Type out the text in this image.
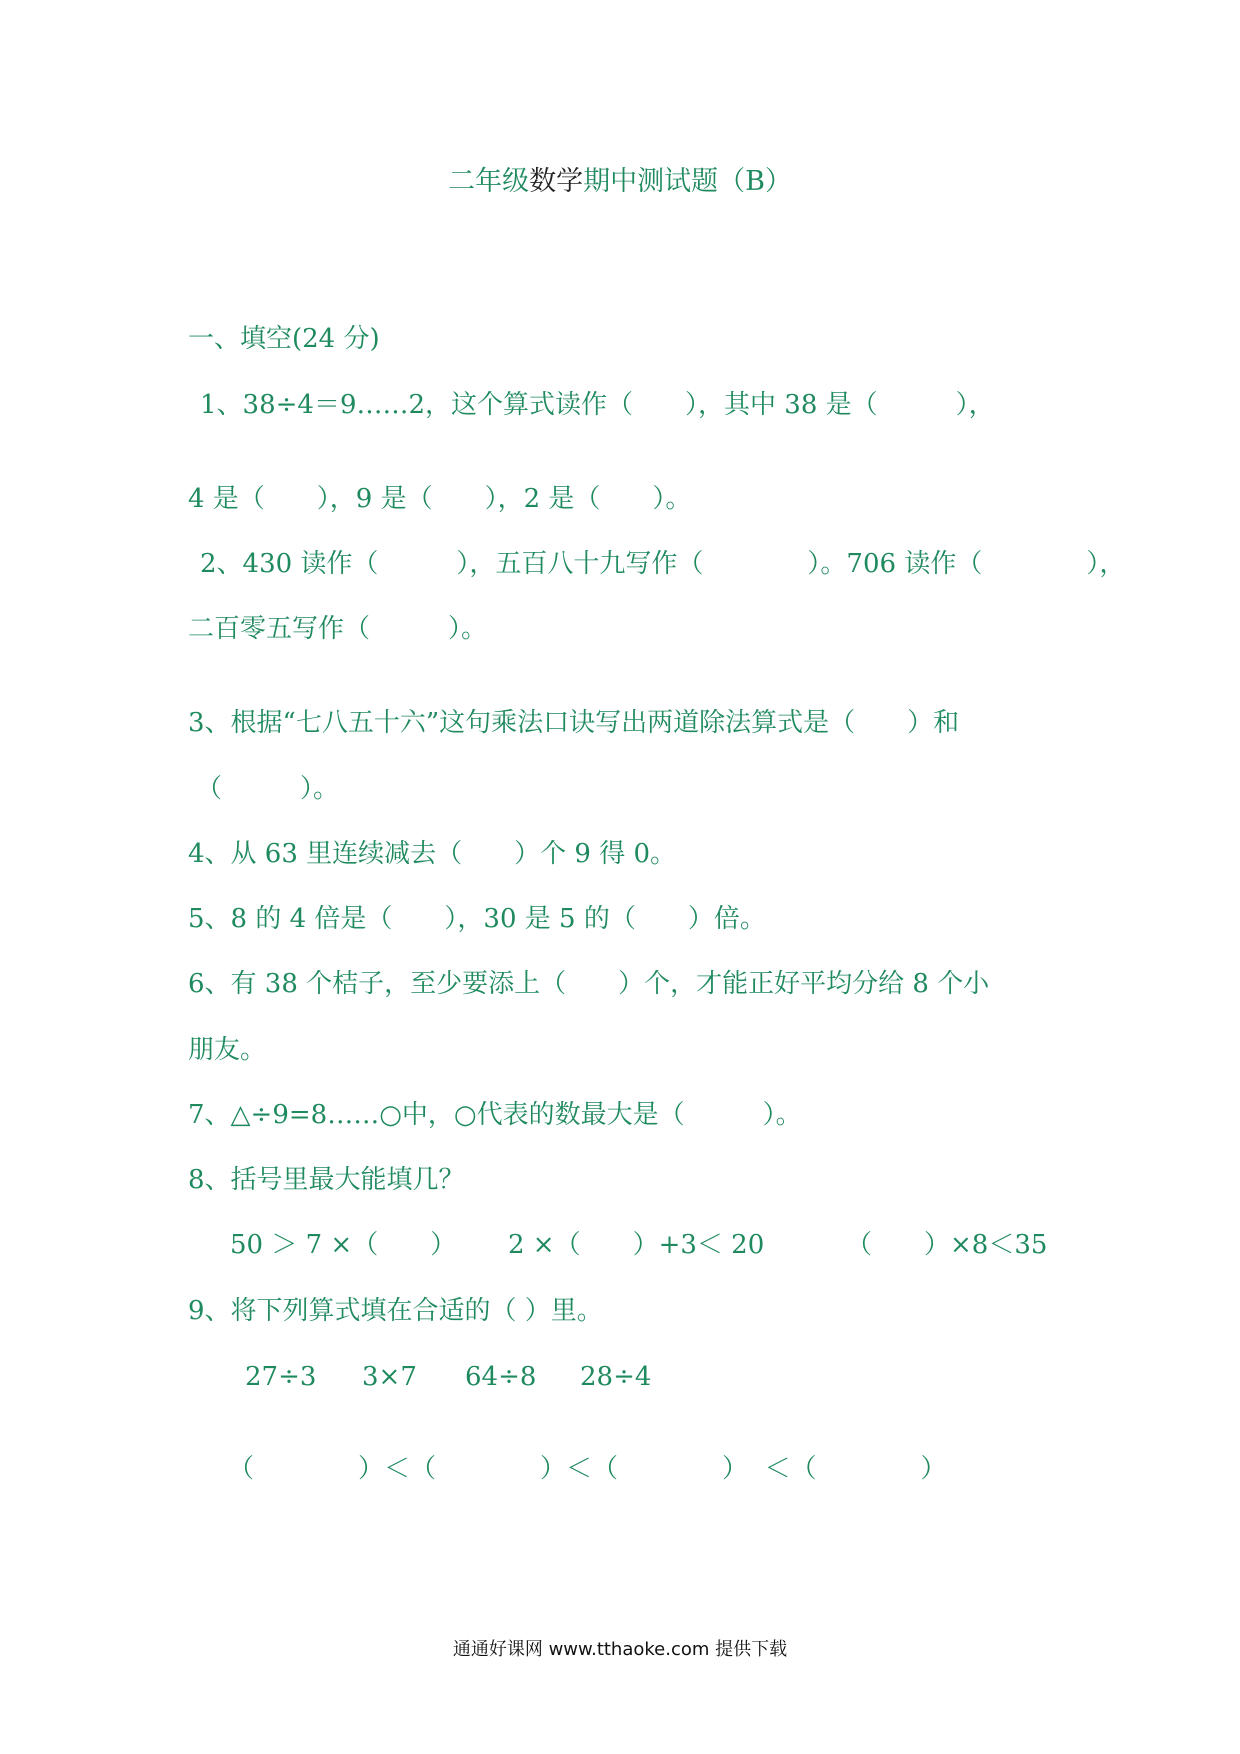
二年级数学期中测试题（B）
一、填空(24 分)
1、38÷4＝9……2，这个算式读作（　　），其中 38 是（　　　），
4 是（　　），9 是（　　），2 是（　　）。
2、430 读作（　　　），五百八十九写作（　　　　）。706 读作（　　　　），
二百零五写作（　　　）。
3、根据“七八五十六”这句乘法口诀写出两道除法算式是（　　）和
（　　　）。
4、从 63 里连续减去（　　）个 9 得 0。
5、8 的 4 倍是（　　），30 是 5 的（　　）倍。
6、有 38 个桔子，至少要添上（　　）个，才能正好平均分给 8 个小
朋友。
7、△÷9=8……○中，○代表的数最大是（　　　）。
8、括号里最大能填几？
50 ＞ 7 ×（　　） 2 ×（　　）+3＜ 20	（　　）×8＜35
9、将下列算式填在合适的（ ）里。
27÷3 3×7 64÷8 28÷4
（　　　　）＜（　　　　）＜（　　　　）  ＜（　　　　）
通通好课网 www.tthaoke.com 提供下载
